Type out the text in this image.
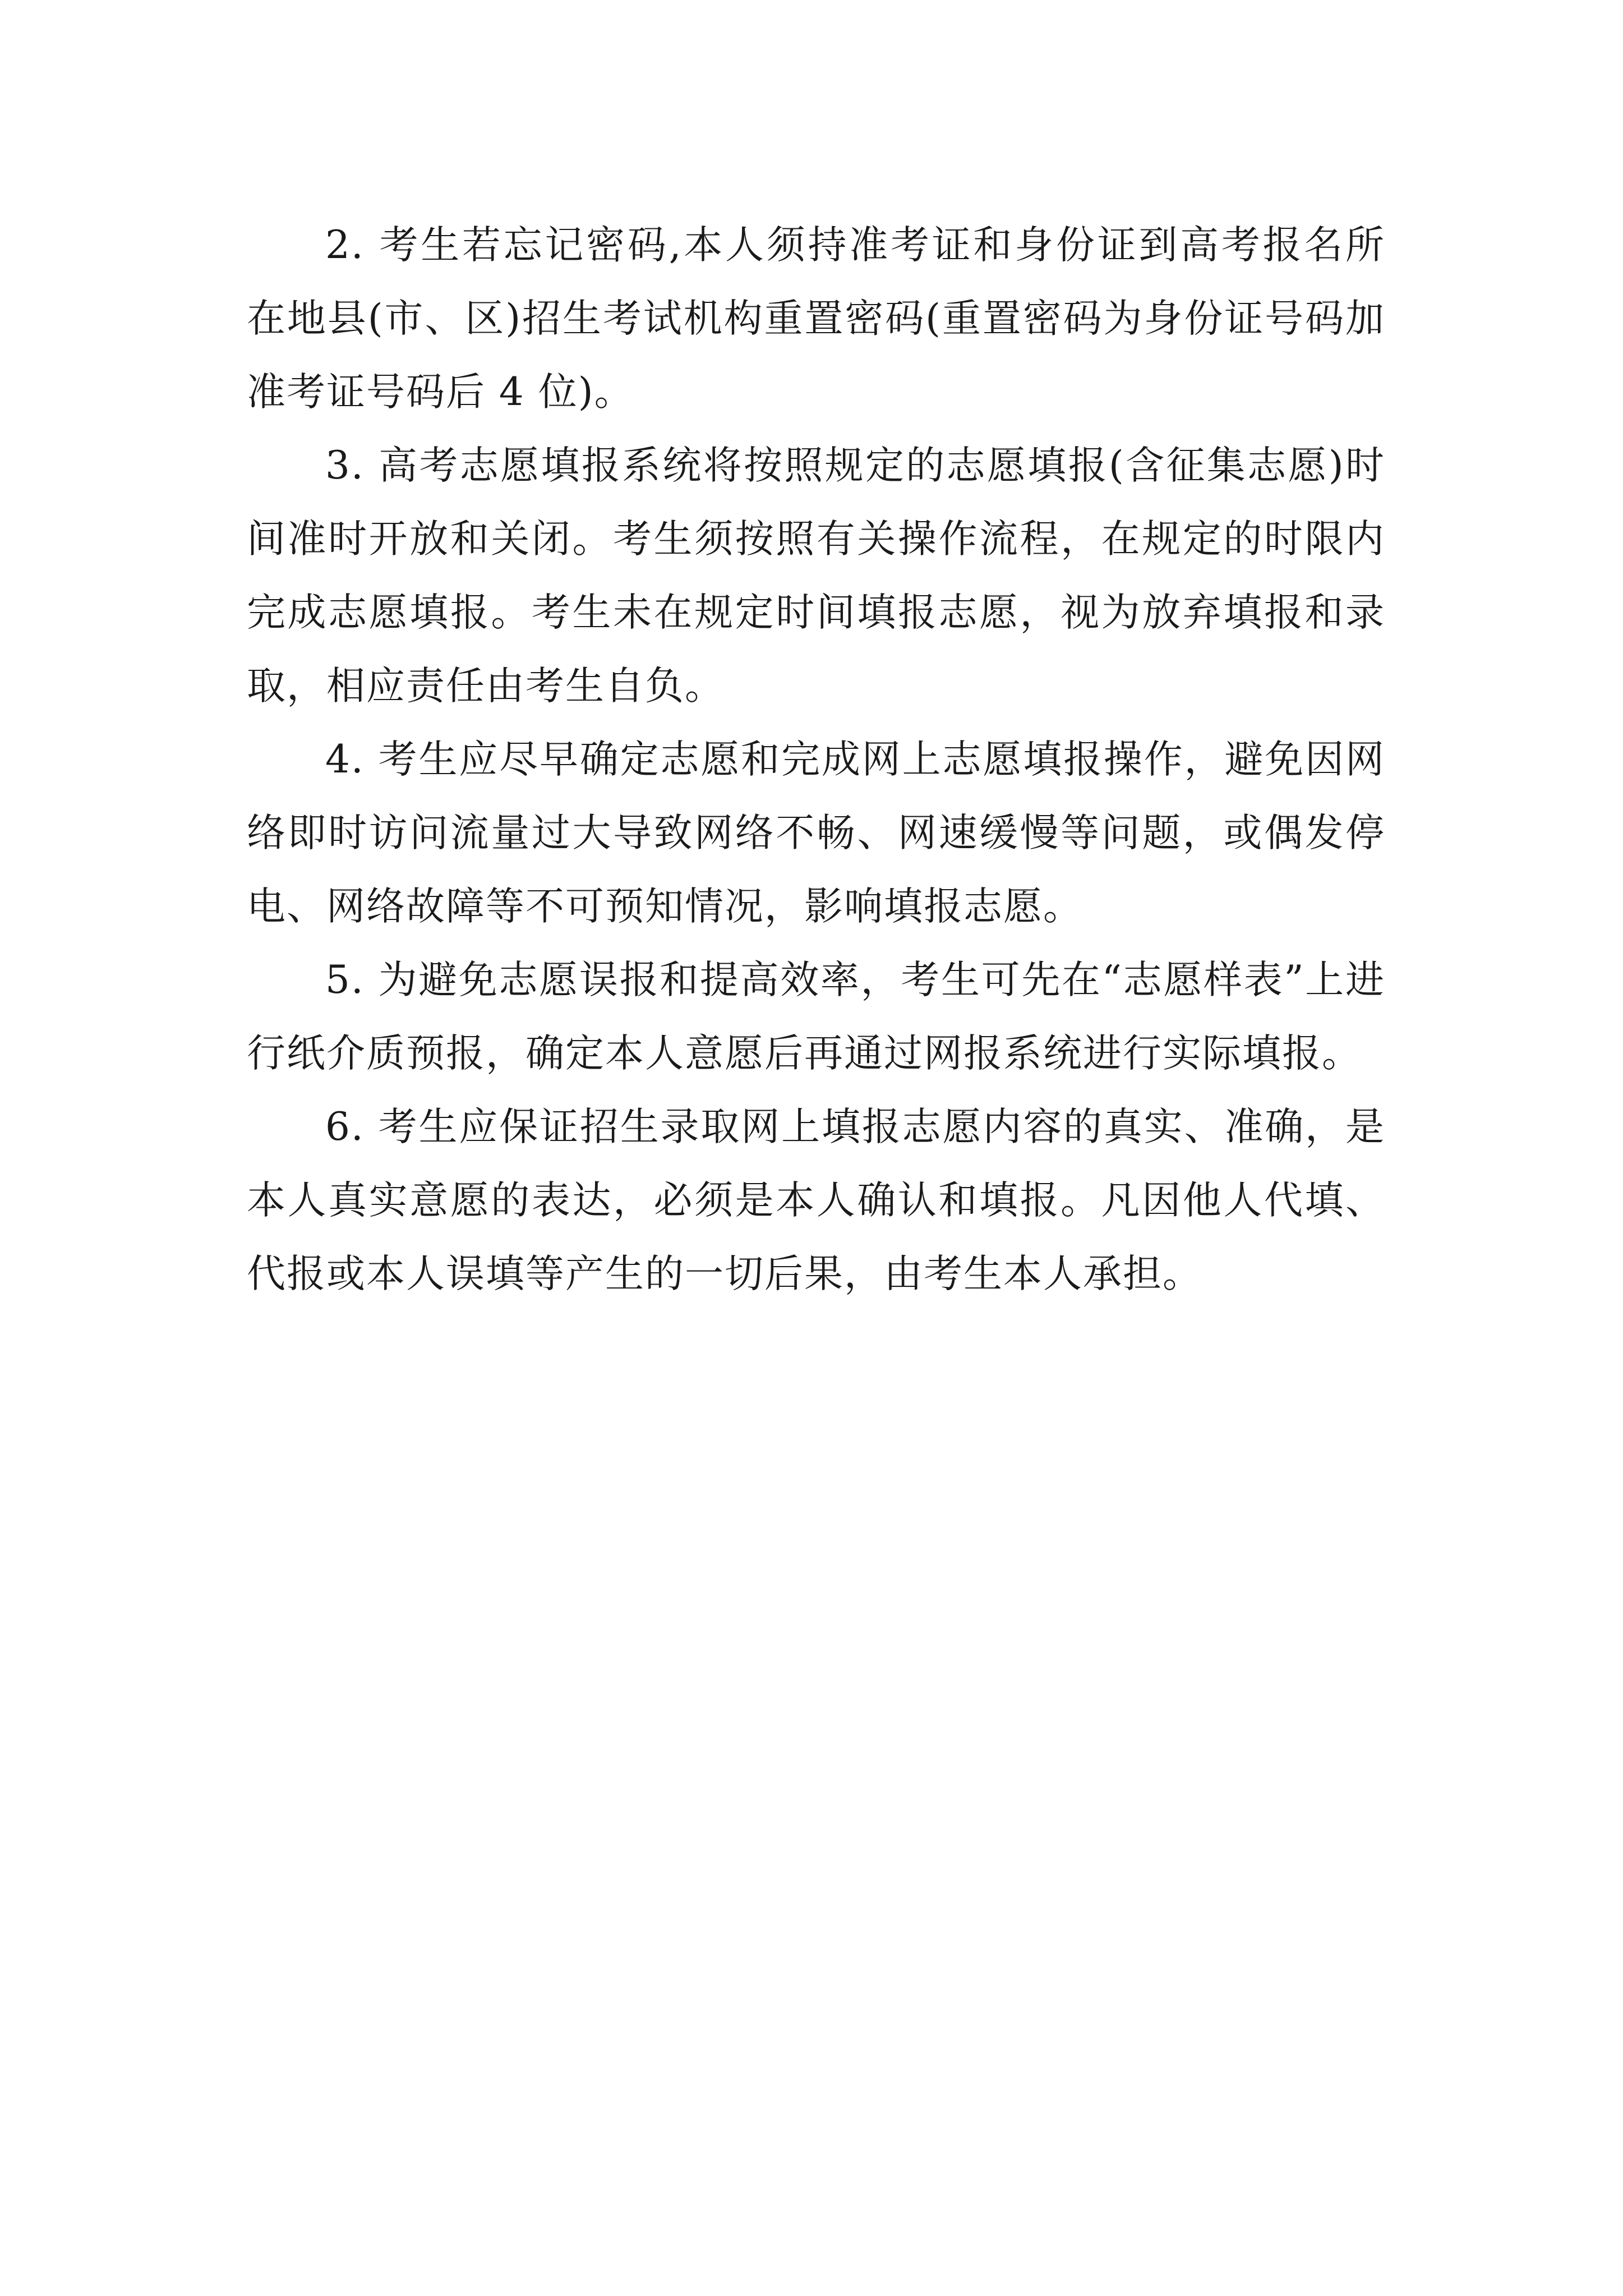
2. 考生若忘记密码,本人须持准考证和身份证到高考报名所在地县(市、区)招生考试机构重置密码(重置密码为身份证号码加准考证号码后 4 位)。

3. 高考志愿填报系统将按照规定的志愿填报(含征集志愿)时间准时开放和关闭。考生须按照有关操作流程，在规定的时限内完成志愿填报。考生未在规定时间填报志愿，视为放弃填报和录取，相应责任由考生自负。

4. 考生应尽早确定志愿和完成网上志愿填报操作，避免因网络即时访问流量过大导致网络不畅、网速缓慢等问题，或偶发停电、网络故障等不可预知情况，影响填报志愿。

5. 为避免志愿误报和提高效率，考生可先在“志愿样表”上进行纸介质预报，确定本人意愿后再通过网报系统进行实际填报。

6. 考生应保证招生录取网上填报志愿内容的真实、准确，是本人真实意愿的表达，必须是本人确认和填报。凡因他人代填、代报或本人误填等产生的一切后果，由考生本人承担。
